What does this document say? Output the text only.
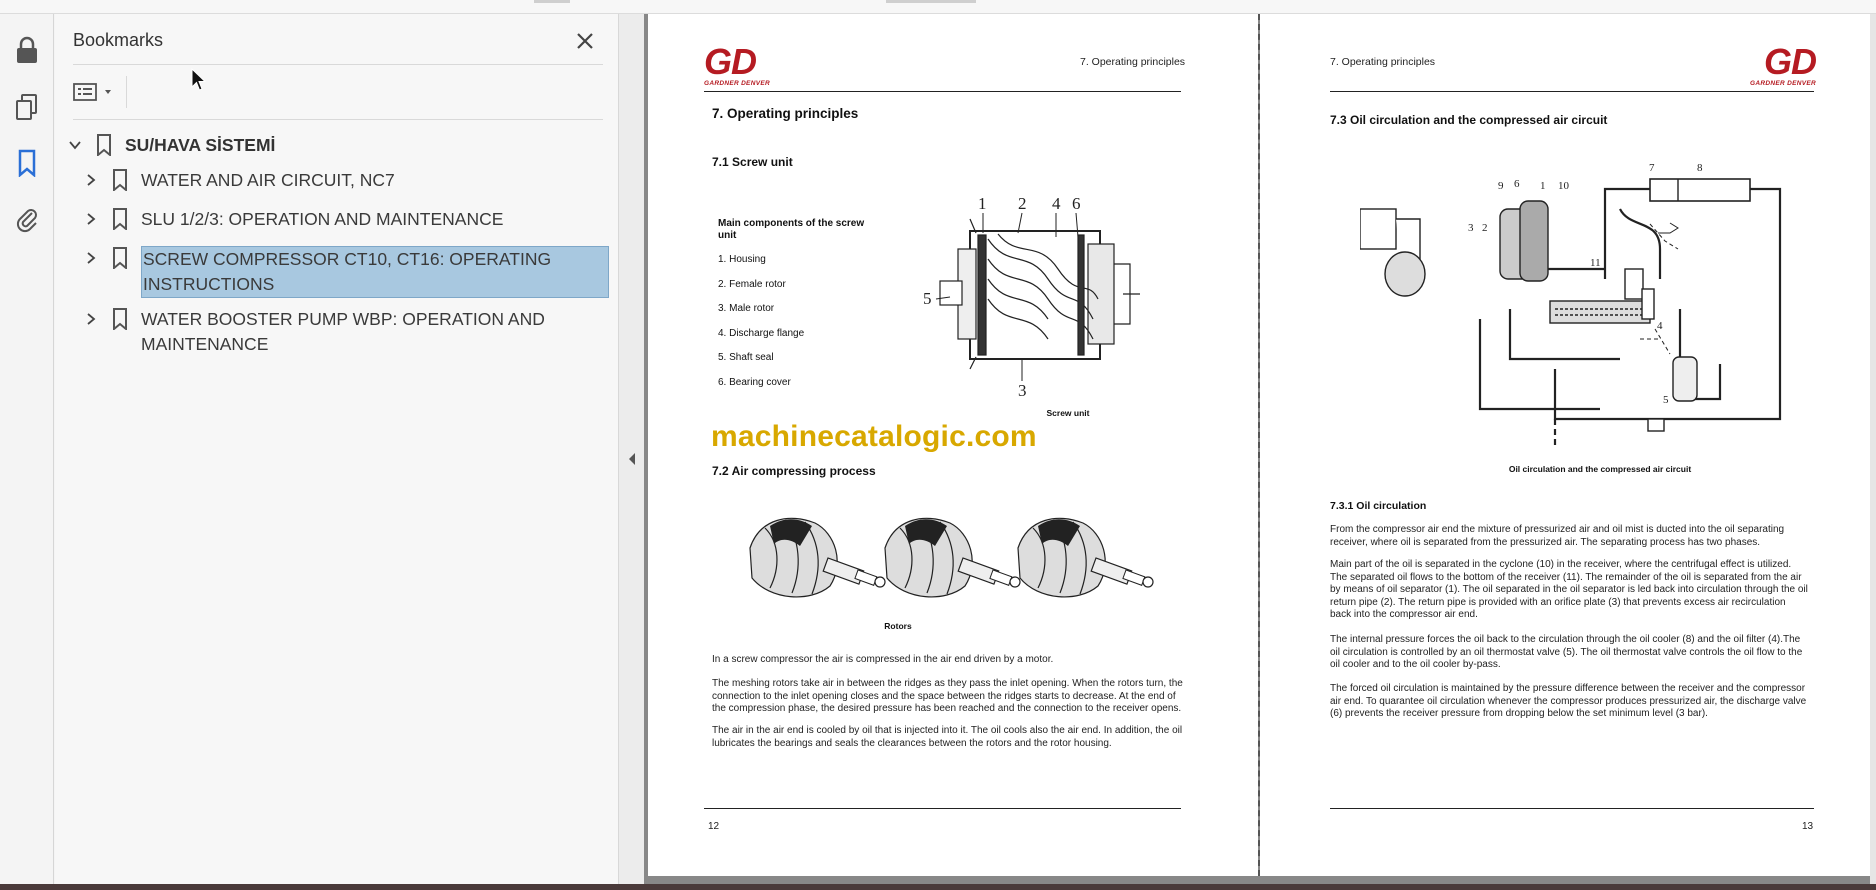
Bookmarks
SU/HAVA SİSTEMİ
WATER AND AIR CIRCUIT, NC7
SLU 1/2/3: OPERATION AND MAINTENANCE
SCREW COMPRESSOR CT10, CT16: OPERATING
INSTRUCTIONS
WATER BOOSTER PUMP WBP: OPERATION AND
MAINTENANCE
GD
GARDNER DENVER
7. Operating principles
7. Operating principles
7.1 Screw unit
Main components of the screw
unit
1. Housing
2. Female rotor
3. Male rotor
4. Discharge flange
5. Shaft seal
6. Bearing cover
1 2 4 6
5
3
Screw unit
7.2 Air compressing process
Rotors
In a screw compressor the air is compressed in the air end driven by a motor.
The meshing rotors take air in between the ridges as they pass the inlet opening. When the rotors turn, the connection to the inlet opening closes and the space between the ridges starts to decrease. At the end of the compression phase, the desired pressure has been reached and the connection to the receiver opens.
The air in the air end is cooled by oil that is injected into it. The oil cools also the air end. In addition, the oil lubricates the bearings and seals the clearances between the rotors and the rotor housing.
12
7. Operating principles	GD
GARDNER DENVER
7.3 Oil circulation and the compressed air circuit
7	8
9 6 1 10
3 2
11
4
5
Oil circulation and the compressed air circuit
7.3.1 Oil circulation
From the compressor air end the mixture of pressurized air and oil mist is ducted into the oil separating receiver, where oil is separated from the pressurized air. The separating process has two phases.
Main part of the oil is separated in the cyclone (10) in the receiver, where the centrifugal effect is utilized. The separated oil flows to the bottom of the receiver (11). The remainder of the oil is separated from the air by means of oil separator (1). The oil separated in the oil separator is led back into circulation through the oil return pipe (2). The return pipe is provided with an orifice plate (3) that prevents excess air recirculation back into the compressor air end.
The internal pressure forces the oil back to the circulation through the oil cooler (8) and the oil filter (4).The oil circulation is controlled by an oil thermostat valve (5). The oil thermostat valve controls the oil flow to the oil cooler and to the oil cooler by-pass.
The forced oil circulation is maintained by the pressure difference between the receiver and the compressor air end. To quarantee oil circulation whenever the compressor produces pressurized air, the discharge valve (6) prevents the receiver pressure from dropping below the set minimum level (3 bar).
13
machinecatalogic.com
